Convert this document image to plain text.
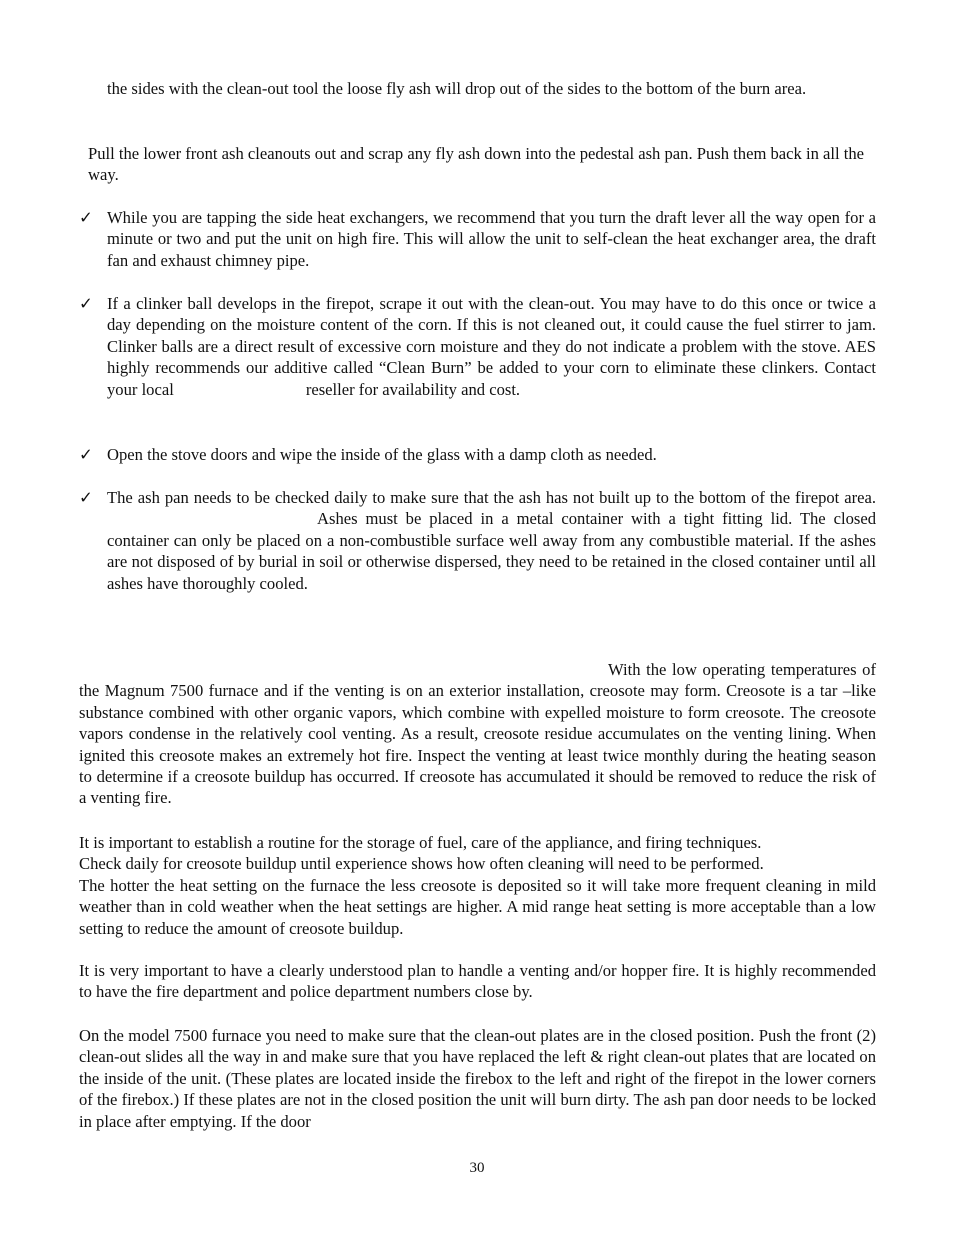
the sides with the clean-out tool the loose fly ash will drop out of the sides to the bottom of the burn area.

Pull the lower front ash cleanouts out and scrap any fly ash down into the pedestal ash pan. Push them back in all the way.

✓ While you are tapping the side heat exchangers, we recommend that you turn the draft lever all the way open for a minute or two and put the unit on high fire. This will allow the unit to self-clean the heat exchanger area, the draft fan and exhaust chimney pipe.

✓ If a clinker ball develops in the firepot, scrape it out with the clean-out. You may have to do this once or twice a day depending on the moisture content of the corn. If this is not cleaned out, it could cause the fuel stirrer to jam. Clinker balls are a direct result of excessive corn moisture and they do not indicate a problem with the stove. AES highly recommends our additive called “Clean Burn” be added to your corn to eliminate these clinkers. Contact your local	reseller for availability and cost.

✓ Open the stove doors and wipe the inside of the glass with a damp cloth as needed.

✓ The ash pan needs to be checked daily to make sure that the ash has not built up to the bottom of the firepot area.Ashes must be placed in a metal container with a tight fitting lid. The closed container can only be placed on a non-combustible surface well away from any combustible material. If the ashes are not disposed of by burial in soil or otherwise dispersed, they need to be retained in the closed container until all ashes have thoroughly cooled.

With the low operating temperatures of the Magnum 7500 furnace and if the venting is on an exterior installation, creosote may form. Creosote is a tar –like substance combined with other organic vapors, which combine with expelled moisture to form creosote. The creosote vapors condense in the relatively cool venting. As a result, creosote residue accumulates on the venting lining. When ignited this creosote makes an extremely hot fire. Inspect the venting at least twice monthly during the heating season to determine if a creosote buildup has occurred. If creosote has accumulated it should be removed to reduce the risk of a venting fire.

It is important to establish a routine for the storage of fuel, care of the appliance, and firing techniques.
Check daily for creosote buildup until experience shows how often cleaning will need to be performed.
The hotter the heat setting on the furnace the less creosote is deposited so it will take more frequent cleaning in mild weather than in cold weather when the heat settings are higher. A mid range heat setting is more acceptable than a low setting to reduce the amount of creosote buildup.

It is very important to have a clearly understood plan to handle a venting and/or hopper fire. It is highly recommended to have the fire department and police department numbers close by.

On the model 7500 furnace you need to make sure that the clean-out plates are in the closed position. Push the front (2) clean-out slides all the way in and make sure that you have replaced the left & right clean-out plates that are located on the inside of the unit. (These plates are located inside the firebox to the left and right of the firepot in the lower corners of the firebox.) If these plates are not in the closed position the unit will burn dirty. The ash pan door needs to be locked in place after emptying. If the door

30
